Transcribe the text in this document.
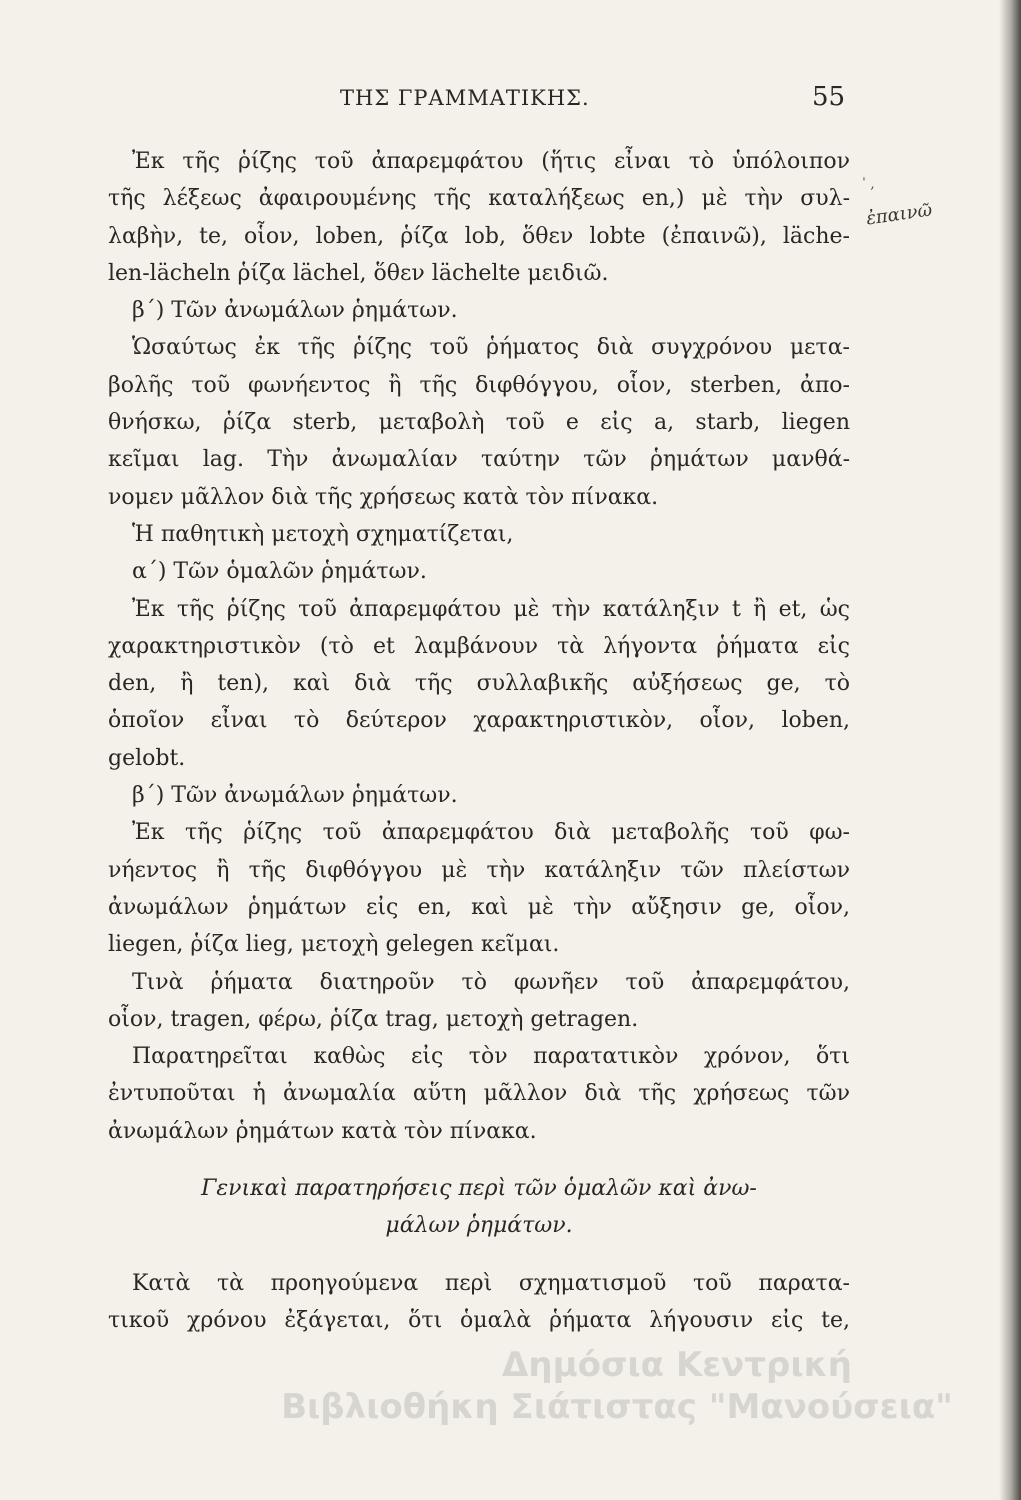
ΤΗΣ ΓΡΑΜΜΑΤΙΚΗΣ.	55
ˈ ,
ἐπαινῶ
Ἐκ τῆς ῥίζης τοῦ ἀπαρεμφάτου (ἥτις εἶναι τὸ ὑπόλοιπον
τῆς λέξεως ἀφαιρουμένης τῆς καταλήξεως en,) μὲ τὴν συλ-
λαβὴν, te, οἷον, loben, ῥίζα lob, ὅθεν lobte (ἐπαινῶ), lächе-
len-lächeln ῥίζα lächel, ὅθεν lächelte μειδιῶ.
β΄) Τῶν ἀνωμάλων ῥημάτων.
Ὡσαύτως ἐκ τῆς ῥίζης τοῦ ῥήματος διὰ συγχρόνου μετα-
βολῆς τοῦ φωνήεντος ἢ τῆς διφθόγγου, οἷον, sterben, ἀπο-
θνήσκω, ῥίζα sterb, μεταβολὴ τοῦ e εἰς a, starb, liegen
κεῖμαι lag. Τὴν ἀνωμαλίαν ταύτην τῶν ῥημάτων μανθά-
νομεν μᾶλλον διὰ τῆς χρήσεως κατὰ τὸν πίνακα.
Ἡ παθητικὴ μετοχὴ σχηματίζεται,
α΄) Τῶν ὁμαλῶν ῥημάτων.
Ἐκ τῆς ῥίζης τοῦ ἀπαρεμφάτου μὲ τὴν κατάληξιν t ἢ et, ὡς
χαρακτηριστικὸν (τὸ et λαμβάνουν τὰ λήγοντα ῥήματα εἰς
den, ἢ ten), καὶ διὰ τῆς συλλαβικῆς αὐξήσεως ge, τὸ
ὁποῖον εἶναι τὸ δεύτερον χαρακτηριστικὸν, οἷον, loben,
gelobt.
β΄) Τῶν ἀνωμάλων ῥημάτων.
Ἐκ τῆς ῥίζης τοῦ ἀπαρεμφάτου διὰ μεταβολῆς τοῦ φω-
νήεντος ἢ τῆς διφθόγγου μὲ τὴν κατάληξιν τῶν πλείστων
ἀνωμάλων ῥημάτων εἰς en, καὶ μὲ τὴν αὔξησιν ge, οἷον,
liegen, ῥίζα lieg, μετοχὴ gelegen κεῖμαι.
Τινὰ ῥήματα διατηροῦν τὸ φωνῆεν τοῦ ἀπαρεμφάτου,
οἷον, tragen, φέρω, ῥίζα trag, μετοχὴ getragen.
Παρατηρεῖται καθὼς εἰς τὸν παρατατικὸν χρόνον, ὅτι
ἐντυποῦται ἡ ἀνωμαλία αὕτη μᾶλλον διὰ τῆς χρήσεως τῶν
ἀνωμάλων ῥημάτων κατὰ τὸν πίνακα.
Γενικαὶ παρατηρήσεις περὶ τῶν ὁμαλῶν καὶ ἀνω-
μάλων ῥημάτων.
Κατὰ τὰ προηγούμενα περὶ σχηματισμοῦ τοῦ παρατα-
τικοῦ χρόνου ἐξάγεται, ὅτι ὁμαλὰ ῥήματα λήγουσιν εἰς te,
Δημόσια Κεντρική
Βιβλιοθήκη Σιάτιστας "Μανούσεια"
